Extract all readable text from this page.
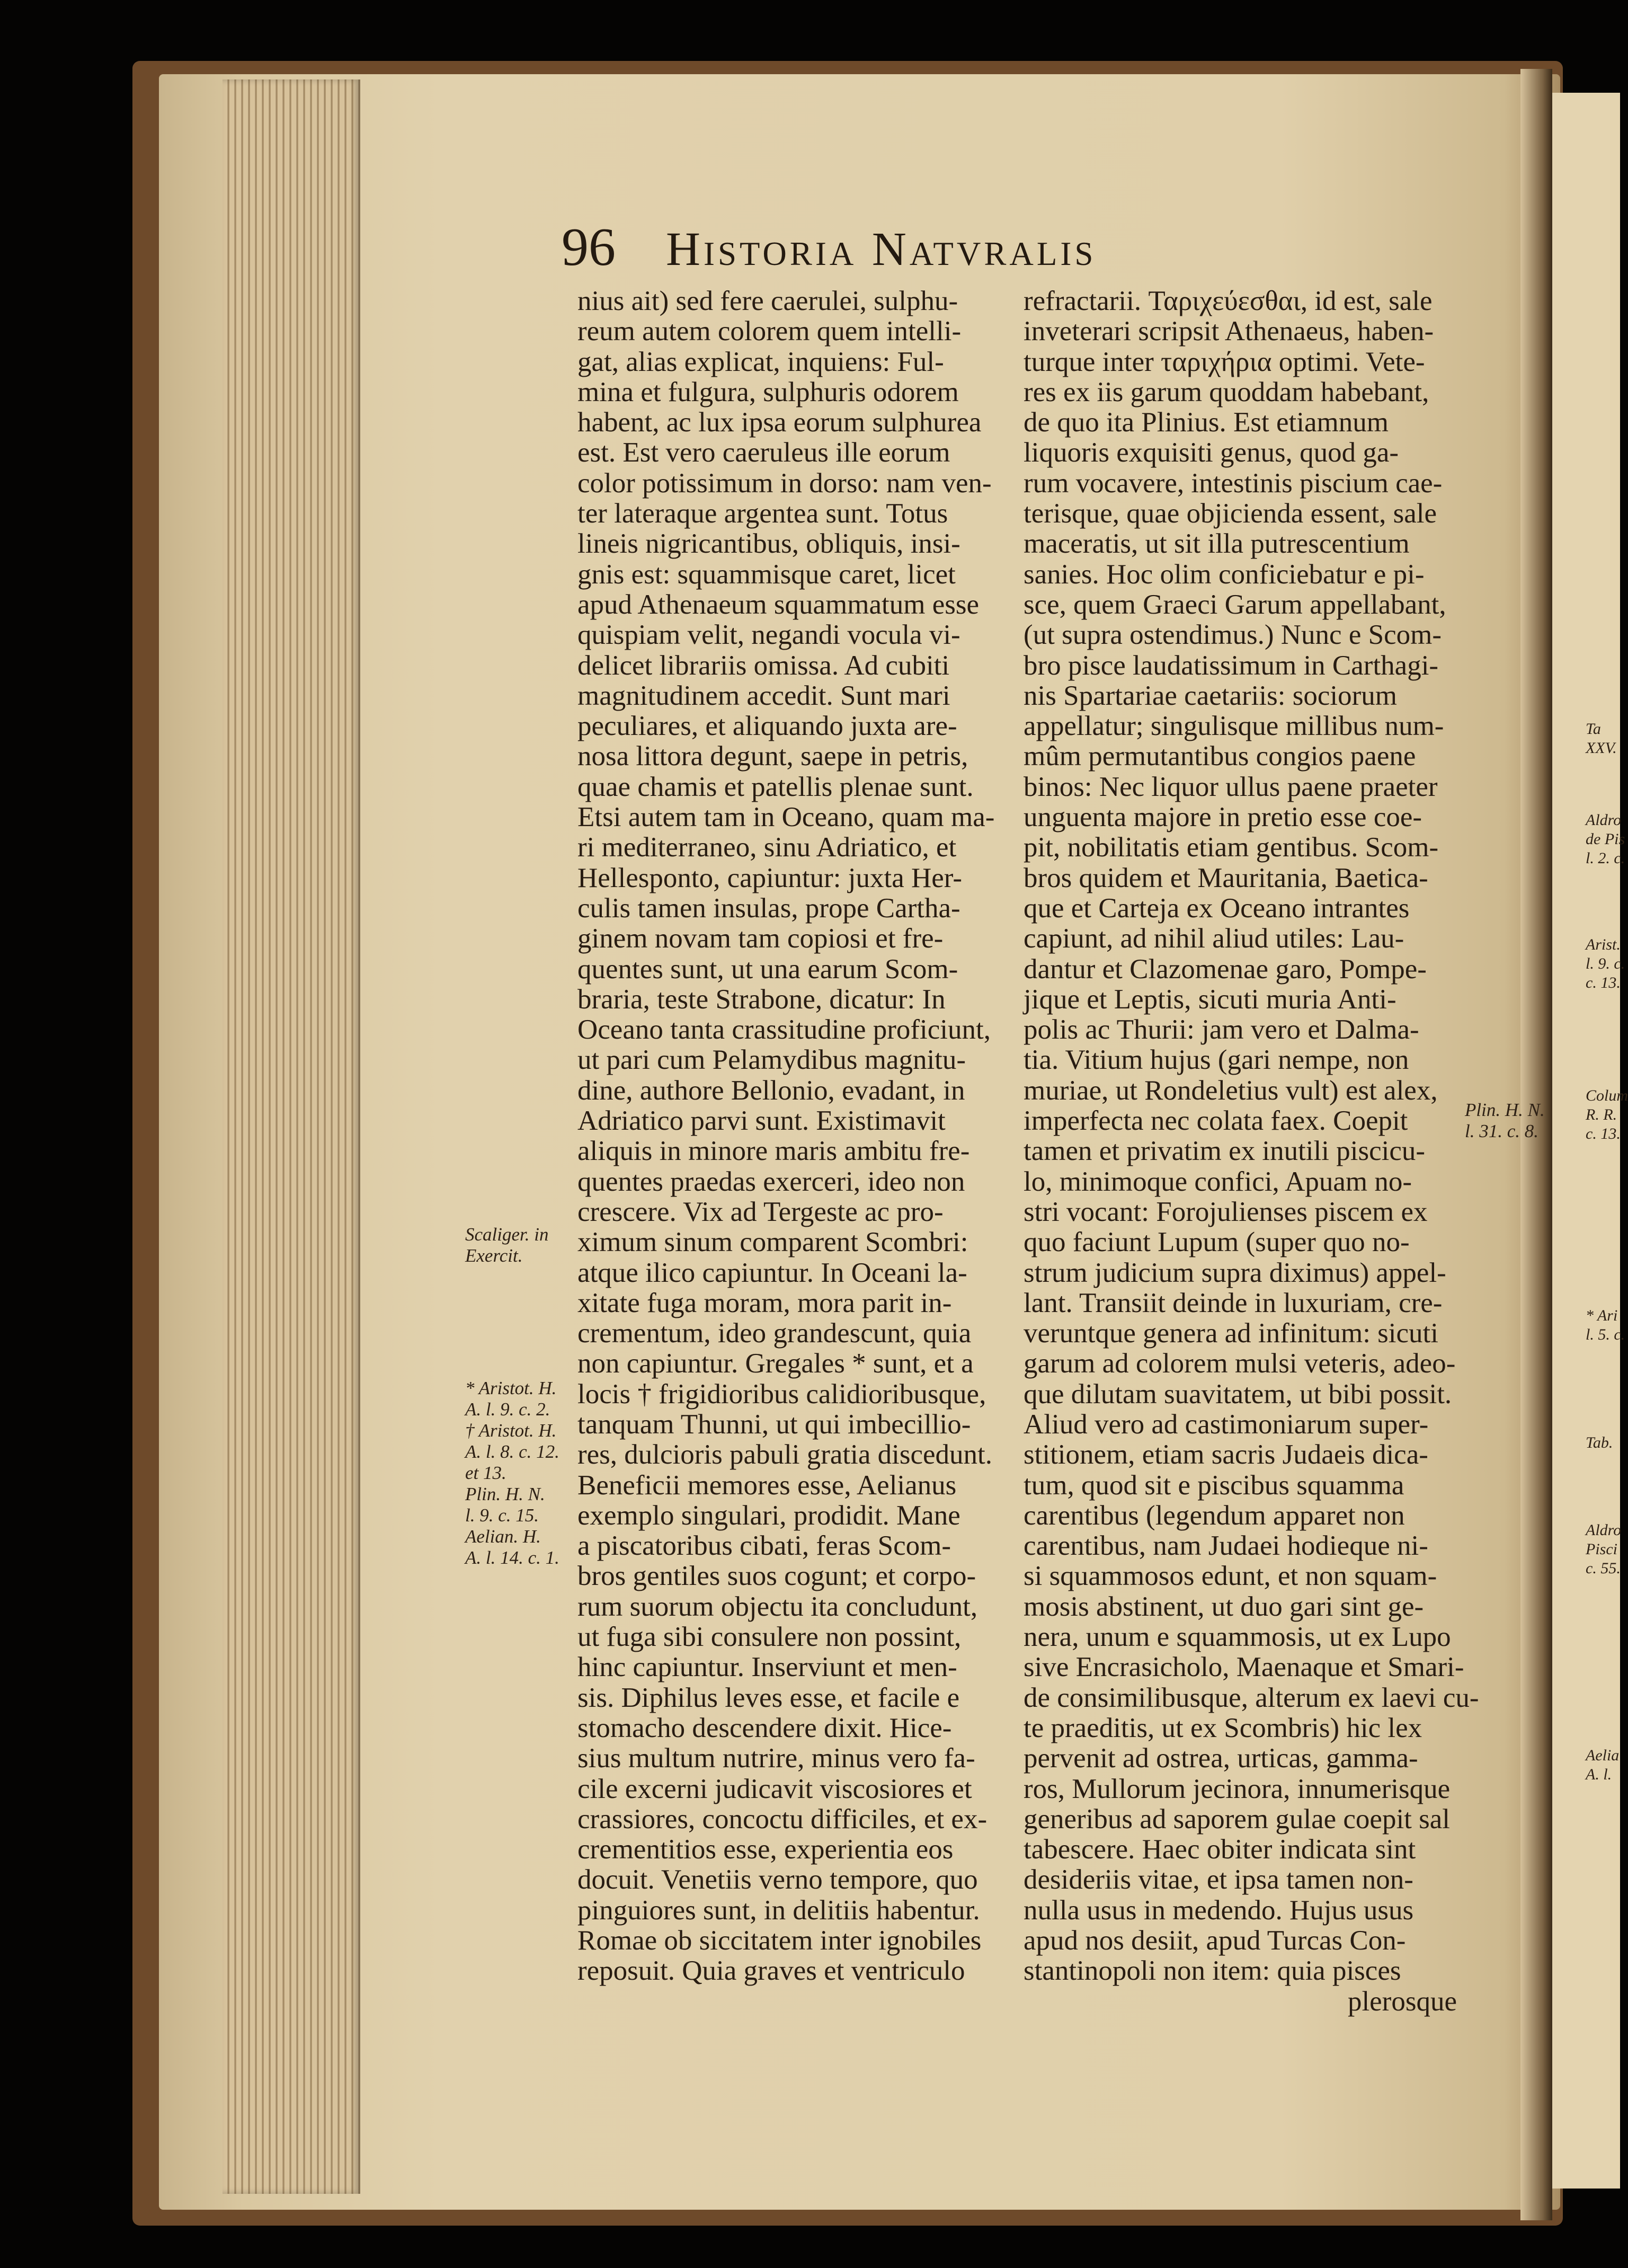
96 Historia Natvralis
nius ait) sed fere caerulei, sulphu-
reum autem colorem quem intelli-
gat, alias explicat, inquiens: Ful-
mina et fulgura, sulphuris odorem
habent, ac lux ipsa eorum sulphurea
est. Est vero caeruleus ille eorum
color potissimum in dorso: nam ven-
ter lateraque argentea sunt. Totus
lineis nigricantibus, obliquis, insi-
gnis est: squammisque caret, licet
apud Athenaeum squammatum esse
quispiam velit, negandi vocula vi-
delicet librariis omissa. Ad cubiti
magnitudinem accedit. Sunt mari
peculiares, et aliquando juxta are-
nosa littora degunt, saepe in petris,
quae chamis et patellis plenae sunt.
Etsi autem tam in Oceano, quam ma-
ri mediterraneo, sinu Adriatico, et
Hellesponto, capiuntur: juxta Her-
culis tamen insulas, prope Cartha-
ginem novam tam copiosi et fre-
quentes sunt, ut una earum Scom-
braria, teste Strabone, dicatur: In
Oceano tanta crassitudine proficiunt,
ut pari cum Pelamydibus magnitu-
dine, authore Bellonio, evadant, in
Adriatico parvi sunt. Existimavit
aliquis in minore maris ambitu fre-
quentes praedas exerceri, ideo non
crescere. Vix ad Tergeste ac pro-
ximum sinum comparent Scombri:
atque ilico capiuntur. In Oceani la-
xitate fuga moram, mora parit in-
crementum, ideo grandescunt, quia
non capiuntur. Gregales * sunt, et a
locis † frigidioribus calidioribusque,
tanquam Thunni, ut qui imbecillio-
res, dulcioris pabuli gratia discedunt.
Beneficii memores esse, Aelianus
exemplo singulari, prodidit. Mane
a piscatoribus cibati, feras Scom-
bros gentiles suos cogunt; et corpo-
rum suorum objectu ita concludunt,
ut fuga sibi consulere non possint,
hinc capiuntur. Inserviunt et men-
sis. Diphilus leves esse, et facile e
stomacho descendere dixit. Hice-
sius multum nutrire, minus vero fa-
cile excerni judicavit viscosiores et
crassiores, concoctu difficiles, et ex-
crementitios esse, experientia eos
docuit. Venetiis verno tempore, quo
pinguiores sunt, in delitiis habentur.
Romae ob siccitatem inter ignobiles
reposuit. Quia graves et ventriculo
refractarii. Ταριχεύεσθαι, id est, sale
inveterari scripsit Athenaeus, haben-
turque inter ταριχήρια optimi. Vete-
res ex iis garum quoddam habebant,
de quo ita Plinius. Est etiamnum
liquoris exquisiti genus, quod ga-
rum vocavere, intestinis piscium cae-
terisque, quae objicienda essent, sale
maceratis, ut sit illa putrescentium
sanies. Hoc olim conficiebatur e pi-
sce, quem Graeci Garum appellabant,
(ut supra ostendimus.) Nunc e Scom-
bro pisce laudatissimum in Carthagi-
nis Spartariae caetariis: sociorum
appellatur; singulisque millibus num-
mûm permutantibus congios paene
binos: Nec liquor ullus paene praeter
unguenta majore in pretio esse coe-
pit, nobilitatis etiam gentibus. Scom-
bros quidem et Mauritania, Baetica-
que et Carteja ex Oceano intrantes
capiunt, ad nihil aliud utiles: Lau-
dantur et Clazomenae garo, Pompe-
jique et Leptis, sicuti muria Anti-
polis ac Thurii: jam vero et Dalma-
tia. Vitium hujus (gari nempe, non
muriae, ut Rondeletius vult) est alex,
imperfecta nec colata faex. Coepit
tamen et privatim ex inutili piscicu-
lo, minimoque confici, Apuam no-
stri vocant: Forojulienses piscem ex
quo faciunt Lupum (super quo no-
strum judicium supra diximus) appel-
lant. Transiit deinde in luxuriam, cre-
veruntque genera ad infinitum: sicuti
garum ad colorem mulsi veteris, adeo-
que dilutam suavitatem, ut bibi possit.
Aliud vero ad castimoniarum super-
stitionem, etiam sacris Judaeis dica-
tum, quod sit e piscibus squamma
carentibus (legendum apparet non
carentibus, nam Judaei hodieque ni-
si squammosos edunt, et non squam-
mosis abstinent, ut duo gari sint ge-
nera, unum e squammosis, ut ex Lupo
sive Encrasicholo, Maenaque et Smari-
de consimilibusque, alterum ex laevi cu-
te praeditis, ut ex Scombris) hic lex
pervenit ad ostrea, urticas, gamma-
ros, Mullorum jecinora, innumerisque
generibus ad saporem gulae coepit sal
tabescere. Haec obiter indicata sint
desideriis vitae, et ipsa tamen non-
nulla usus in medendo. Hujus usus
apud nos desiit, apud Turcas Con-
stantinopoli non item: quia pisces
plerosque
Scaliger. in
Exercit.
* Aristot. H.
A. l. 9. c. 2.
† Aristot. H.
A. l. 8. c. 12.
et 13.
Plin. H. N.
l. 9. c. 15.
Aelian. H.
A. l. 14. c. 1.
Plin. H. N.
l. 31. c. 8.
Ta
XXV.
Aldro
de Pis
l. 2. c.
Arist.
l. 9. c.
c. 13.
Colum
R. R.
c. 13.
* Ari
l. 5. c.
Tab.
Aldro
Pisci
c. 55.
Aelia
A. l.
